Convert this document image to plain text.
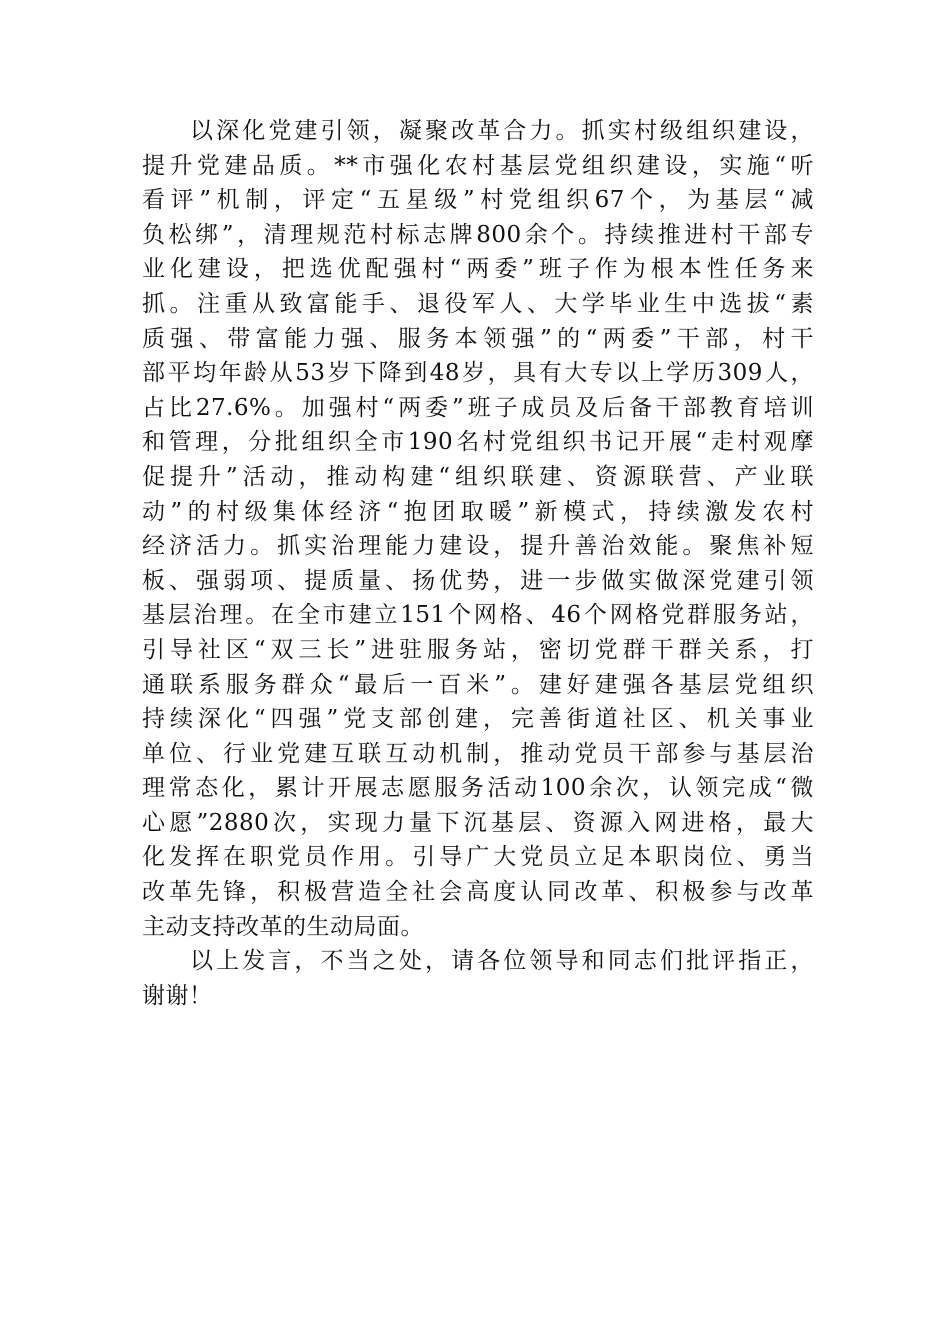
以深化党建引领，凝聚改革合力。抓实村级组织建设，
提升党建品质。**市强化农村基层党组织建设，实施“听
看评”机制，评定“五星级”村党组织67个，为基层“减
负松绑”，清理规范村标志牌800余个。持续推进村干部专
业化建设，把选优配强村“两委”班子作为根本性任务来
抓。注重从致富能手、退役军人、大学毕业生中选拔“素
质强、带富能力强、服务本领强”的“两委”干部，村干
部平均年龄从53岁下降到48岁，具有大专以上学历309人，
占比27.6%。加强村“两委”班子成员及后备干部教育培训
和管理，分批组织全市190名村党组织书记开展“走村观摩
促提升”活动，推动构建“组织联建、资源联营、产业联
动”的村级集体经济“抱团取暖”新模式，持续激发农村
经济活力。抓实治理能力建设，提升善治效能。聚焦补短
板、强弱项、提质量、扬优势，进一步做实做深党建引领
基层治理。在全市建立151个网格、46个网格党群服务站，
引导社区“双三长”进驻服务站，密切党群干群关系，打
通联系服务群众“最后一百米”。建好建强各基层党组织
持续深化“四强”党支部创建，完善街道社区、机关事业
单位、行业党建互联互动机制，推动党员干部参与基层治
理常态化，累计开展志愿服务活动100余次，认领完成“微
心愿”2880次，实现力量下沉基层、资源入网进格，最大
化发挥在职党员作用。引导广大党员立足本职岗位、勇当
改革先锋，积极营造全社会高度认同改革、积极参与改革
主动支持改革的生动局面。
以上发言，不当之处，请各位领导和同志们批评指正，
谢谢！
